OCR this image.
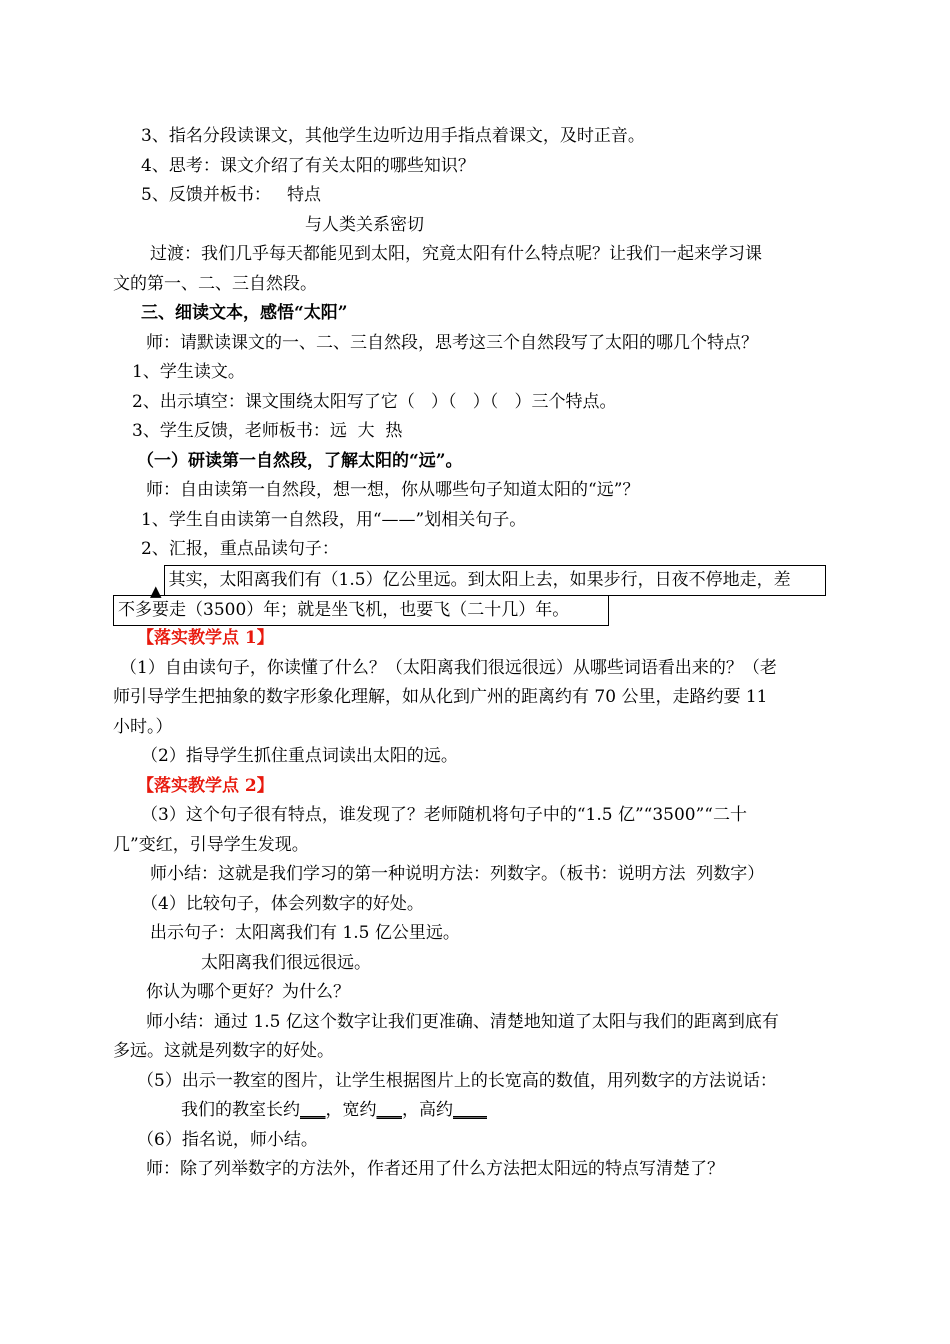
3、指名分段读课文，其他学生边听边用手指点着课文，及时正音。
4、思考：课文介绍了有关太阳的哪些知识？
5、反馈并板书：   特点
与人类关系密切
过渡：我们几乎每天都能见到太阳，究竟太阳有什么特点呢？让我们一起来学习课
文的第一、二、三自然段。
三、细读文本，感悟“太阳”
师：请默读课文的一、二、三自然段，思考这三个自然段写了太阳的哪几个特点？
1、学生读文。
2、出示填空：课文围绕太阳写了它（   ）（   ）（   ）三个特点。
3、学生反馈，老师板书：远  大  热
（一）研读第一自然段，了解太阳的“远”。
师：自由读第一自然段，想一想，你从哪些句子知道太阳的“远”？
1、学生自由读第一自然段，用“——”划相关句子。
2、汇报，重点品读句子：
▲其实，太阳离我们有（1.5）亿公里远。到太阳上去，如果步行，日夜不停地走，差
不多要走（3500）年；就是坐飞机，也要飞（二十几）年。
【落实教学点 1】
（1）自由读句子，你读懂了什么？（太阳离我们很远很远）从哪些词语看出来的？（老
师引导学生把抽象的数字形象化理解，如从化到广州的距离约有 70 公里，走路约要 11
小时。）
（2）指导学生抓住重点词读出太阳的远。
【落实教学点 2】
（3）这个句子很有特点，谁发现了？老师随机将句子中的“1.5 亿”“3500”“二十
几”变红，引导学生发现。
师小结：这就是我们学习的第一种说明方法：列数字。（板书：说明方法  列数字）
（4）比较句子，体会列数字的好处。
出示句子：太阳离我们有 1.5 亿公里远。
太阳离我们很远很远。
你认为哪个更好？为什么？
师小结：通过 1.5 亿这个数字让我们更准确、清楚地知道了太阳与我们的距离到底有
多远。这就是列数字的好处。
（5）出示一教室的图片，让学生根据图片上的长宽高的数值，用列数字的方法说话：
我们的教室长约___，宽约___，高约____
（6）指名说，师小结。
师：除了列举数字的方法外，作者还用了什么方法把太阳远的特点写清楚了？
